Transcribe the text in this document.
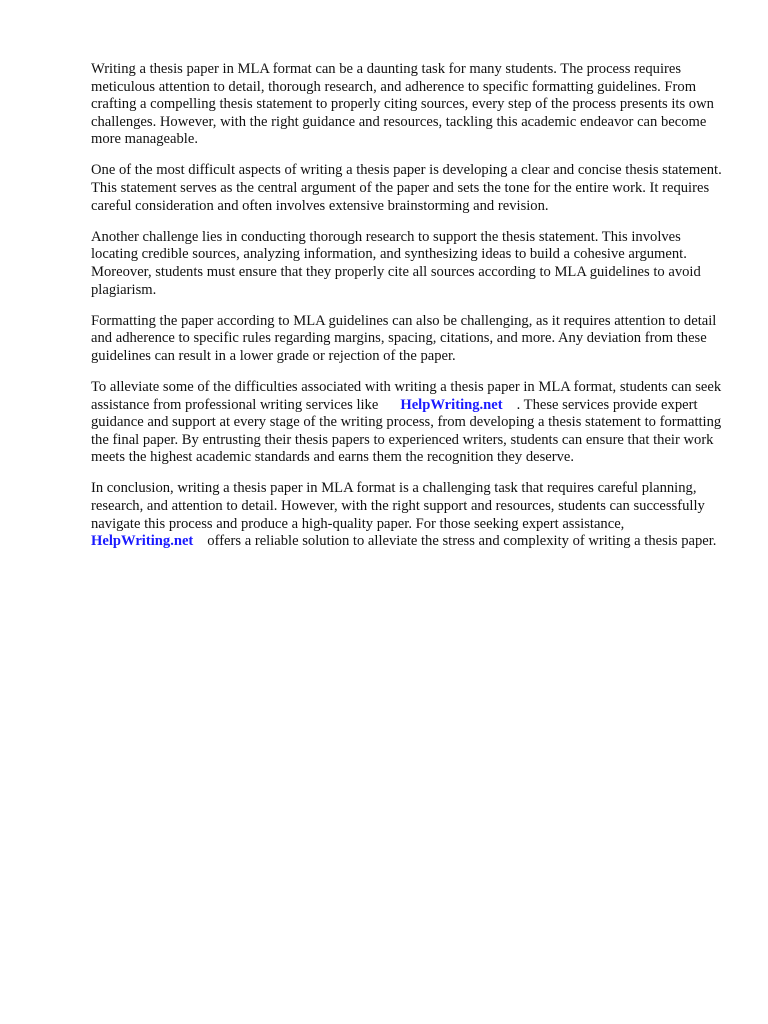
Writing a thesis paper in MLA format can be a daunting task for many students. The process requires meticulous attention to detail, thorough research, and adherence to specific formatting guidelines. From crafting a compelling thesis statement to properly citing sources, every step of the process presents its own challenges. However, with the right guidance and resources, tackling this academic endeavor can become more manageable.

One of the most difficult aspects of writing a thesis paper is developing a clear and concise thesis statement. This statement serves as the central argument of the paper and sets the tone for the entire work. It requires careful consideration and often involves extensive brainstorming and revision.

Another challenge lies in conducting thorough research to support the thesis statement. This involves locating credible sources, analyzing information, and synthesizing ideas to build a cohesive argument. Moreover, students must ensure that they properly cite all sources according to MLA guidelines to avoid plagiarism.

Formatting the paper according to MLA guidelines can also be challenging, as it requires attention to detail and adherence to specific rules regarding margins, spacing, citations, and more. Any deviation from these guidelines can result in a lower grade or rejection of the paper.

To alleviate some of the difficulties associated with writing a thesis paper in MLA format, students can seek assistance from professional writing services like HelpWriting.net . These services provide expert guidance and support at every stage of the writing process, from developing a thesis statement to formatting the final paper. By entrusting their thesis papers to experienced writers, students can ensure that their work meets the highest academic standards and earns them the recognition they deserve.

In conclusion, writing a thesis paper in MLA format is a challenging task that requires careful planning, research, and attention to detail. However, with the right support and resources, students can successfully navigate this process and produce a high-quality paper. For those seeking expert assistance,HelpWriting.net offers a reliable solution to alleviate the stress and complexity of writing a thesis paper.
